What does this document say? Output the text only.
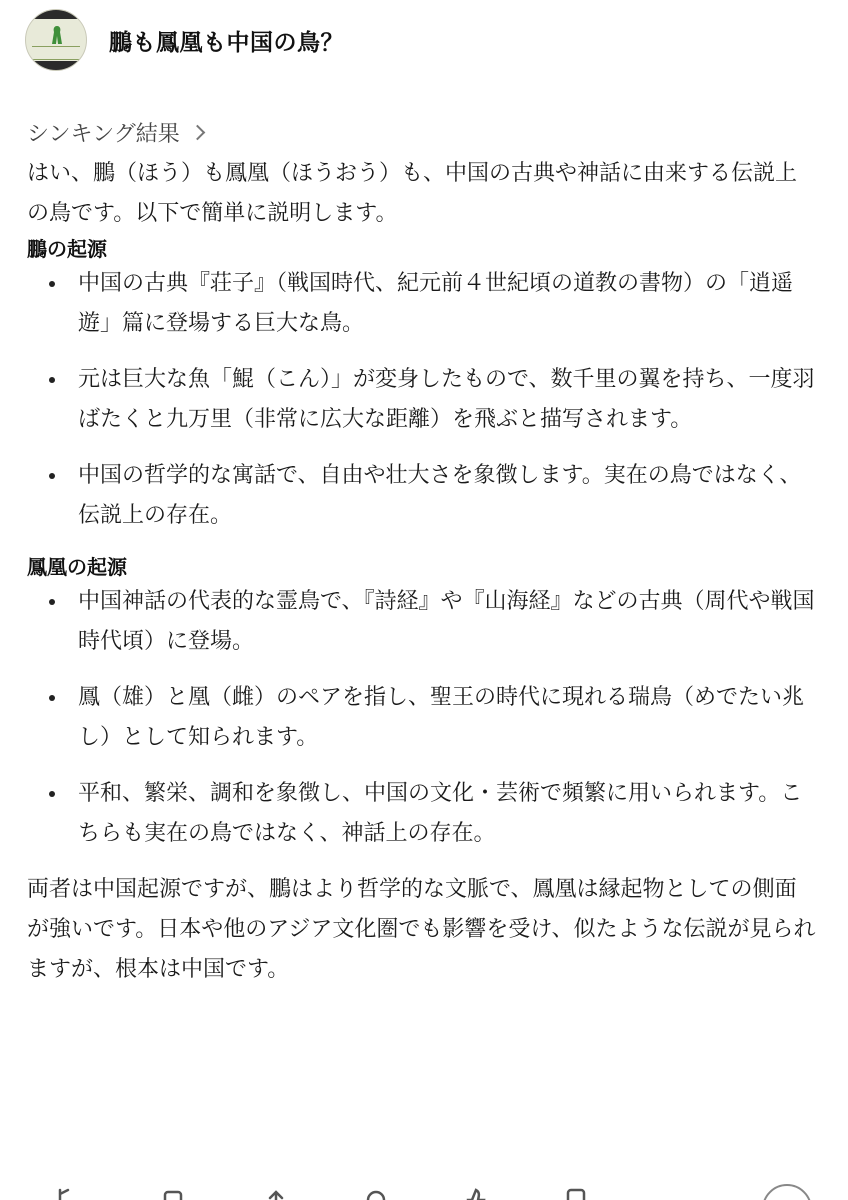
鵬も鳳凰も中国の鳥？
シンキング結果

はい、鵬（ほう）も鳳凰（ほうおう）も、中国の古典や神話に由来する伝説上の鳥です。以下で簡単に説明します。

鵬の起源
中国の古典『荘子』（戦国時代、紀元前４世紀頃の道教の書物）の「逍遥遊」篇に登場する巨大な鳥。
元は巨大な魚「鯤（こん）」が変身したもので、数千里の翼を持ち、一度羽ばたくと九万里（非常に広大な距離）を飛ぶと描写されます。
中国の哲学的な寓話で、自由や壮大さを象徴します。実在の鳥ではなく、伝説上の存在。
鳳凰の起源
中国神話の代表的な霊鳥で、『詩経』や『山海経』などの古典（周代や戦国時代頃）に登場。
鳳（雄）と凰（雌）のペアを指し、聖王の時代に現れる瑞鳥（めでたい兆し）として知られます。
平和、繁栄、調和を象徴し、中国の文化・芸術で頻繁に用いられます。こちらも実在の鳥ではなく、神話上の存在。

両者は中国起源ですが、鵬はより哲学的な文脈で、鳳凰は縁起物としての側面が強いです。日本や他のアジア文化圏でも影響を受け、似たような伝説が見られますが、根本は中国です。
